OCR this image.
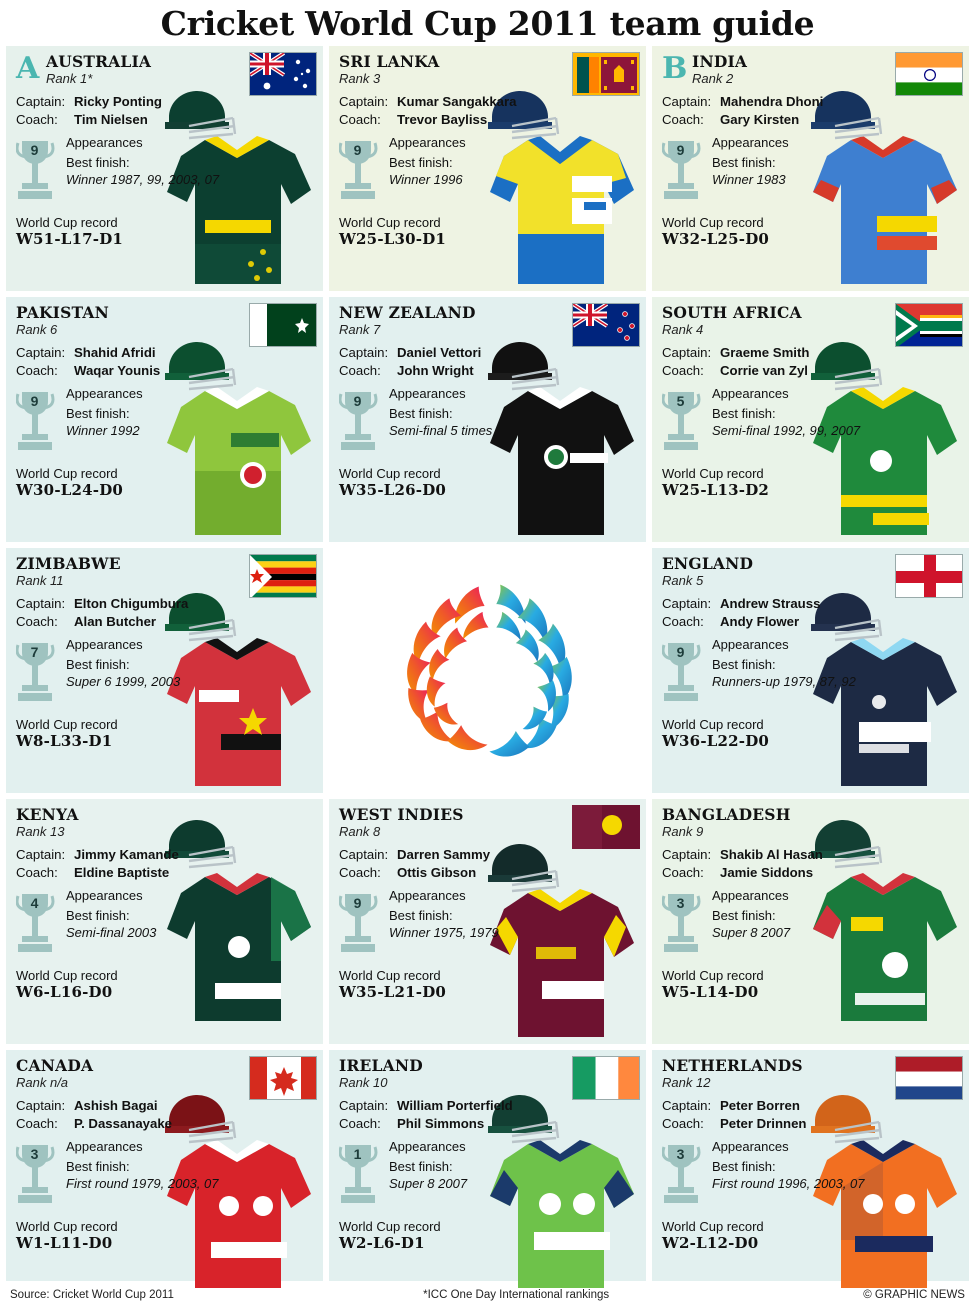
Cricket World Cup 2011 team guide
A AUSTRALIA
Rank 1*
Captain: Ricky Ponting
Coach:	Tim Nielsen
9	Appearances
Best finish:
Winner 1987, 99, 2003, 07
World Cup record
W51-L17-D1
SRI LANKA
Rank 3
Captain: Kumar Sangakkara
Coach:	Trevor Bayliss
9	Appearances
Best finish:
Winner 1996
World Cup record
W25-L30-D1
B INDIA
Rank 2
Captain: Mahendra Dhoni
Coach:	Gary Kirsten
9	Appearances
Best finish:
Winner 1983
World Cup record
W32-L25-D0
PAKISTAN
Rank 6
Captain: Shahid Afridi
Coach:	Waqar Younis
9	Appearances
Best finish:
Winner 1992
World Cup record
W30-L24-D0
NEW ZEALAND
Rank 7
Captain: Daniel Vettori
Coach:	John Wright
9	Appearances
Best finish:
Semi-final 5 times
World Cup record
W35-L26-D0
SOUTH AFRICA
Rank 4
Captain: Graeme Smith
Coach:	Corrie van Zyl
5	Appearances
Best finish:
Semi-final 1992, 99, 2007
World Cup record
W25-L13-D2
ZIMBABWE
Rank 11
Captain: Elton Chigumbura
Coach:	Alan Butcher
7	Appearances
Best finish:
Super 6 1999, 2003
World Cup record
W8-L33-D1
ENGLAND
Rank 5
Captain: Andrew Strauss
Coach:	Andy Flower
9	Appearances
Best finish:
Runners-up 1979, 87, 92
World Cup record
W36-L22-D0
KENYA
Rank 13
Captain: Jimmy Kamande
Coach:	Eldine Baptiste
4	Appearances
Best finish:
Semi-final 2003
World Cup record
W6-L16-D0
WEST INDIES
Rank 8
Captain: Darren Sammy
Coach:	Ottis Gibson
9	Appearances
Best finish:
Winner 1975, 1979
World Cup record
W35-L21-D0
BANGLADESH
Rank 9
Captain: Shakib Al Hasan
Coach:	Jamie Siddons
3	Appearances
Best finish:
Super 8 2007
World Cup record
W5-L14-D0
CANADA
Rank n/a
Captain: Ashish Bagai
Coach:	P. Dassanayake
3	Appearances
Best finish:
First round 1979, 2003, 07
World Cup record
W1-L11-D0
IRELAND
Rank 10
Captain: William Porterfield
Coach:	Phil Simmons
1	Appearances
Best finish:
Super 8 2007
World Cup record
W2-L6-D1
NETHERLANDS
Rank 12
Captain: Peter Borren
Coach:	Peter Drinnen
3	Appearances
Best finish:
First round 1996, 2003, 07
World Cup record
W2-L12-D0
Source: Cricket World Cup 2011	*ICC One Day International rankings	© GRAPHIC NEWS
